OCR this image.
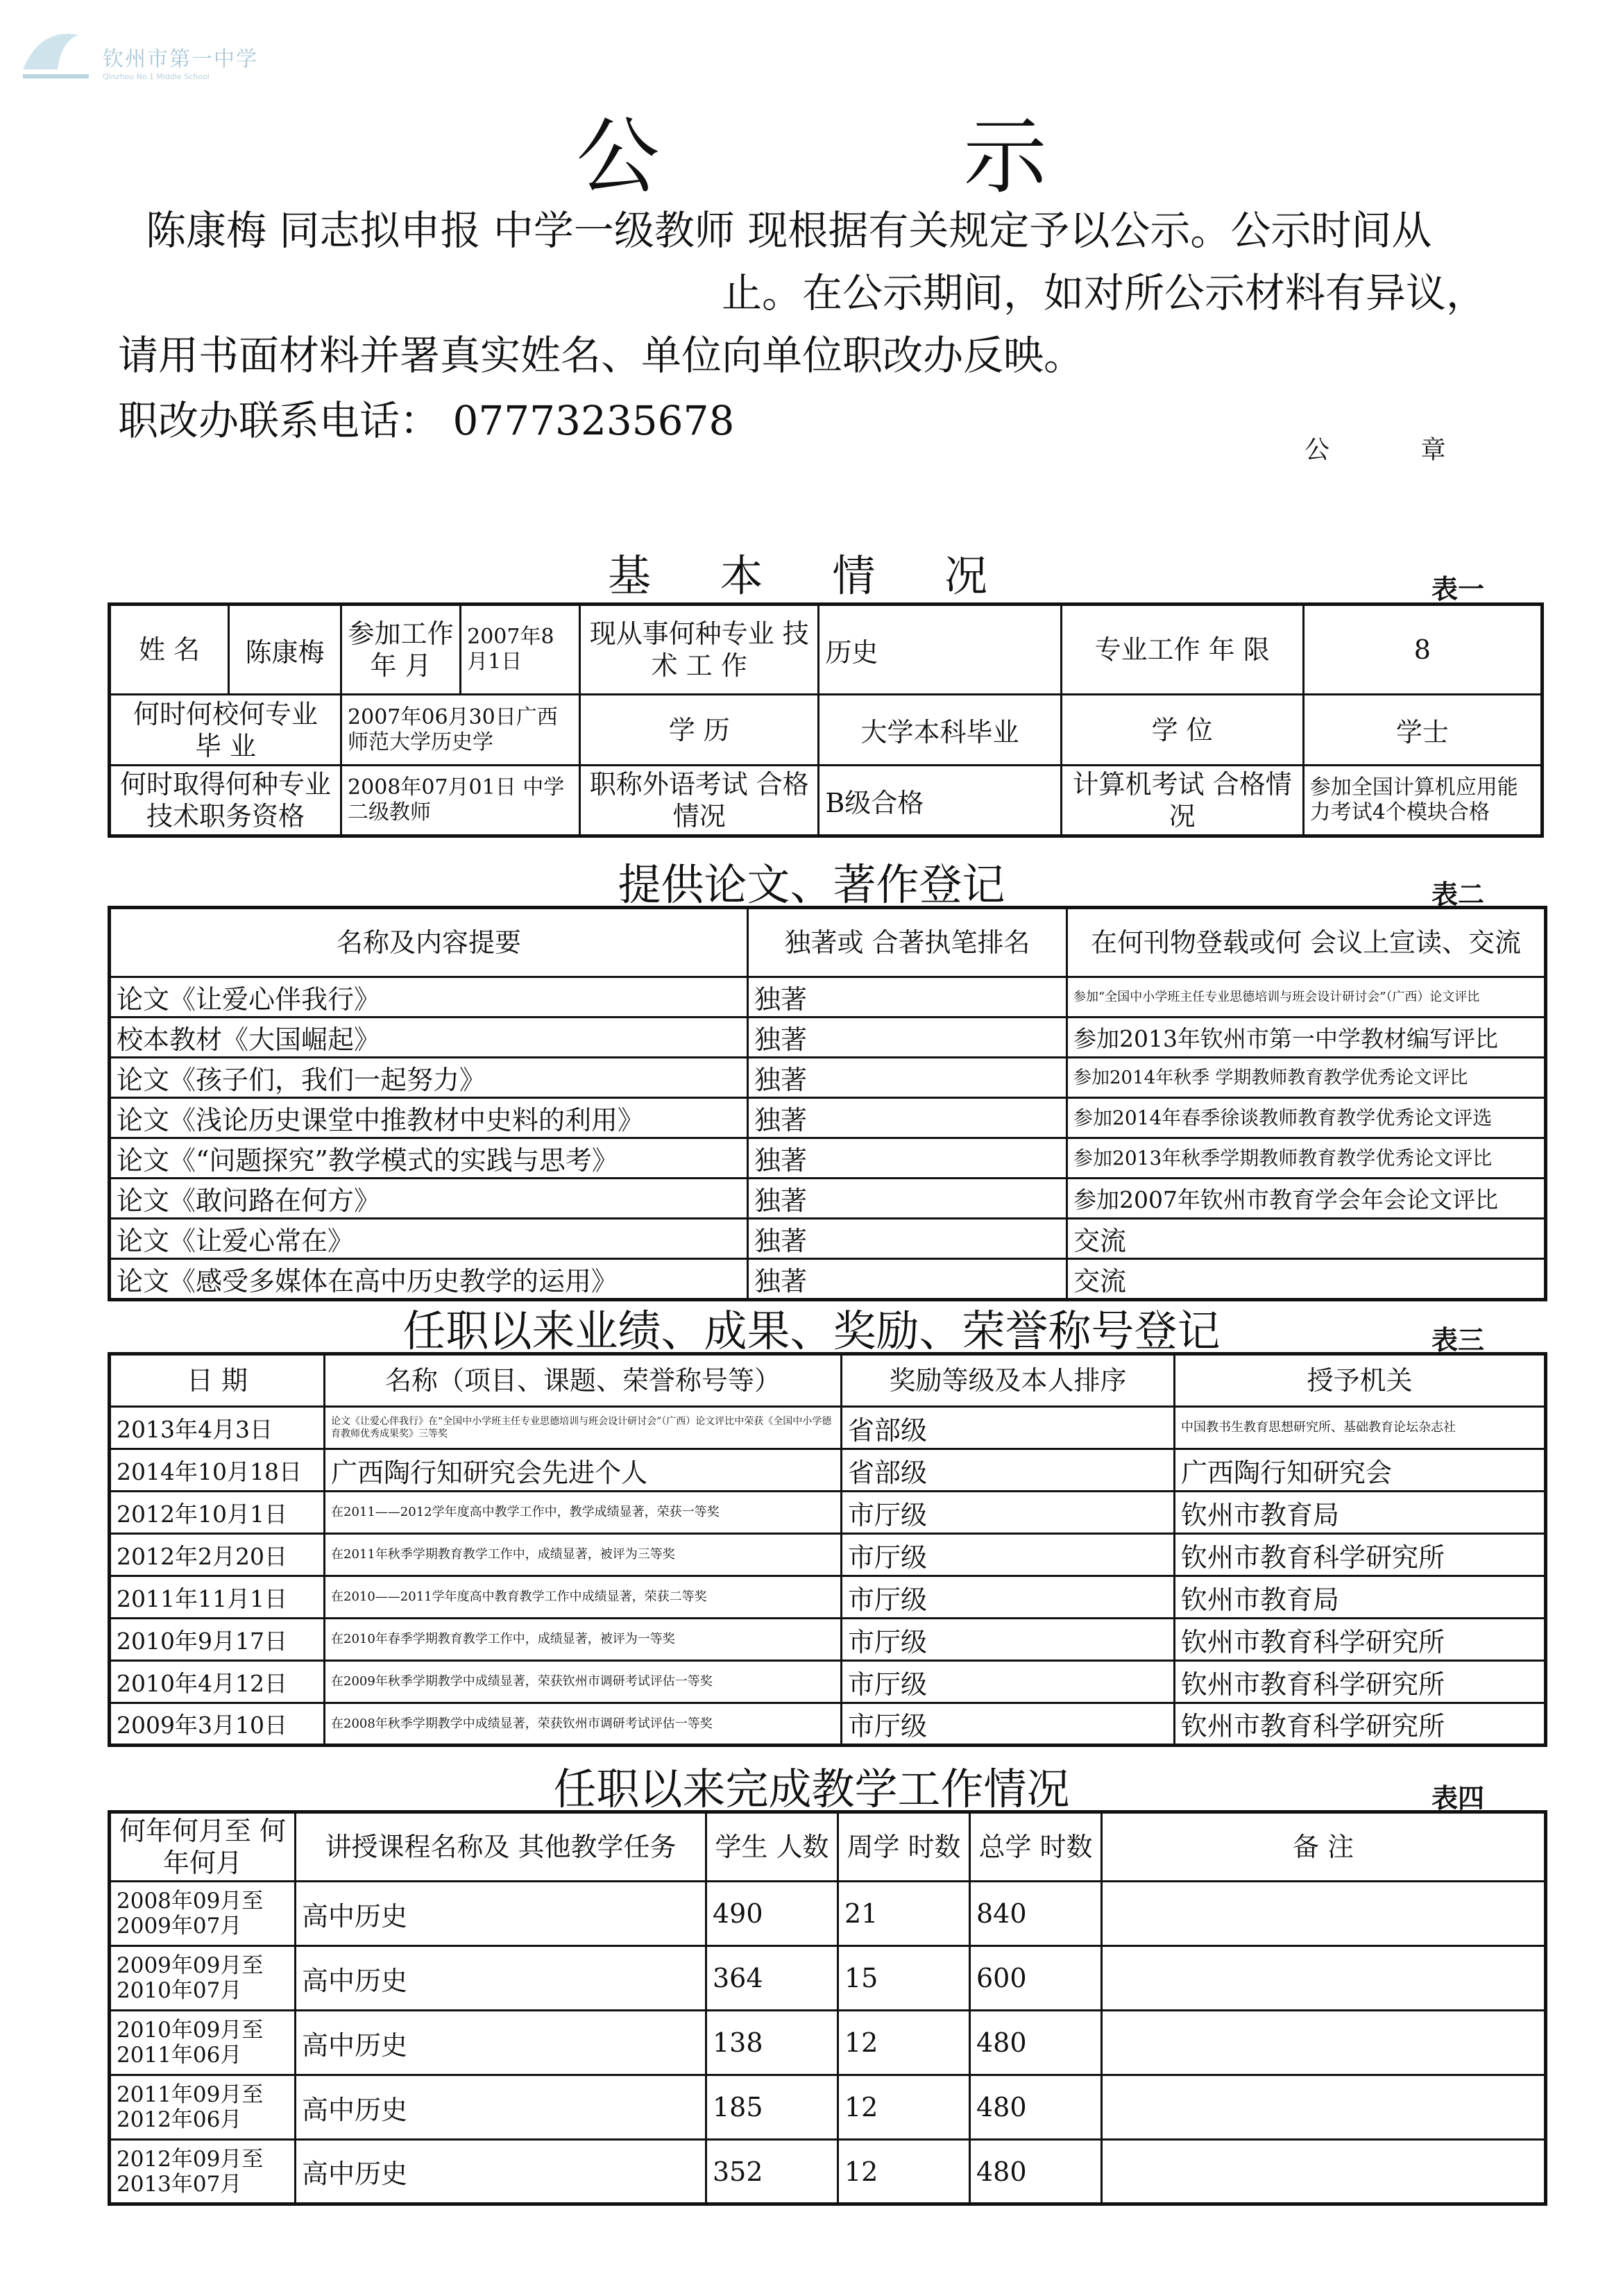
钦州市第一中学
Qinzhou No.1 Middle School
公 示
陈康梅 同志拟申报 中学一级教师 现根据有关规定予以公示。公示时间从
止。在公示期间，如对所公示材料有异议，
请用书面材料并署真实姓名、单位向单位职改办反映。
职改办联系电话： 07773235678
公 章
基 本 情 况	表一
姓 名	陈康梅	参加工作 年 月	2007年8月1日	现从事何种专业 技 术 工 作	历史	专业工作 年 限	8
何时何校何专业 毕 业		2007年06月30日广西师范大学历史学		学 历	大学本科毕业	学 位	学士
何时取得何种专业技术职务资格		2008年07月01日 中学二级教师		职称外语考试 合格情况	B级合格	计算机考试 合格情况	参加全国计算机应用能力考试4个模块合格
提供论文、著作登记	表二
名称及内容提要	独著或 合著执笔排名	在何刊物登载或何 会议上宣读、交流
论文《让爱心伴我行》	独著	参加“全国中小学班主任专业思德培训与班会设计研讨会”（广西）论文评比
校本教材《大国崛起》	独著	参加2013年钦州市第一中学教材编写评比
论文《孩子们，我们一起努力》	独著	参加2014年秋季 学期教师教育教学优秀论文评比
论文《浅论历史课堂中推教材中史料的利用》	独著	参加2014年春季徐谈教师教育教学优秀论文评选
论文《“问题探究”教学模式的实践与思考》	独著	参加2013年秋季学期教师教育教学优秀论文评比
论文《敢问路在何方》	独著	参加2007年钦州市教育学会年会论文评比
论文《让爱心常在》	独著	交流
论文《感受多媒体在高中历史教学的运用》	独著	交流
任职以来业绩、成果、奖励、荣誉称号登记	表三
日 期	名称（项目、课题、荣誉称号等）	奖励等级及本人排序	授予机关
2013年4月3日	论文《让爱心伴我行》在“全国中小学班主任专业思德培训与班会设计研讨会”（广西）论文评比中荣获《全国中小学德育教师优秀成果奖》三等奖	省部级	中国教书生教育思想研究所、基础教育论坛杂志社
2014年10月18日	广西陶行知研究会先进个人	省部级	广西陶行知研究会
2012年10月1日	在2011——2012学年度高中教学工作中，教学成绩显著，荣获一等奖	市厅级	钦州市教育局
2012年2月20日	在2011年秋季学期教育教学工作中，成绩显著，被评为三等奖	市厅级	钦州市教育科学研究所
2011年11月1日	在2010——2011学年度高中教育教学工作中成绩显著，荣获二等奖	市厅级	钦州市教育局
2010年9月17日	在2010年春季学期教育教学工作中，成绩显著，被评为一等奖	市厅级	钦州市教育科学研究所
2010年4月12日	在2009年秋季学期教学中成绩显著，荣获钦州市调研考试评估一等奖	市厅级	钦州市教育科学研究所
2009年3月10日	在2008年秋季学期教学中成绩显著，荣获钦州市调研考试评估一等奖	市厅级	钦州市教育科学研究所
任职以来完成教学工作情况	表四
何年何月至 何年何月	讲授课程名称及 其他教学任务	学生 人数	周学 时数	总学 时数	备 注
2008年09月至 2009年07月	高中历史	490	21	840	
2009年09月至 2010年07月	高中历史	364	15	600	
2010年09月至 2011年06月	高中历史	138	12	480	
2011年09月至 2012年06月	高中历史	185	12	480	
2012年09月至 2013年07月	高中历史	352	12	480	
